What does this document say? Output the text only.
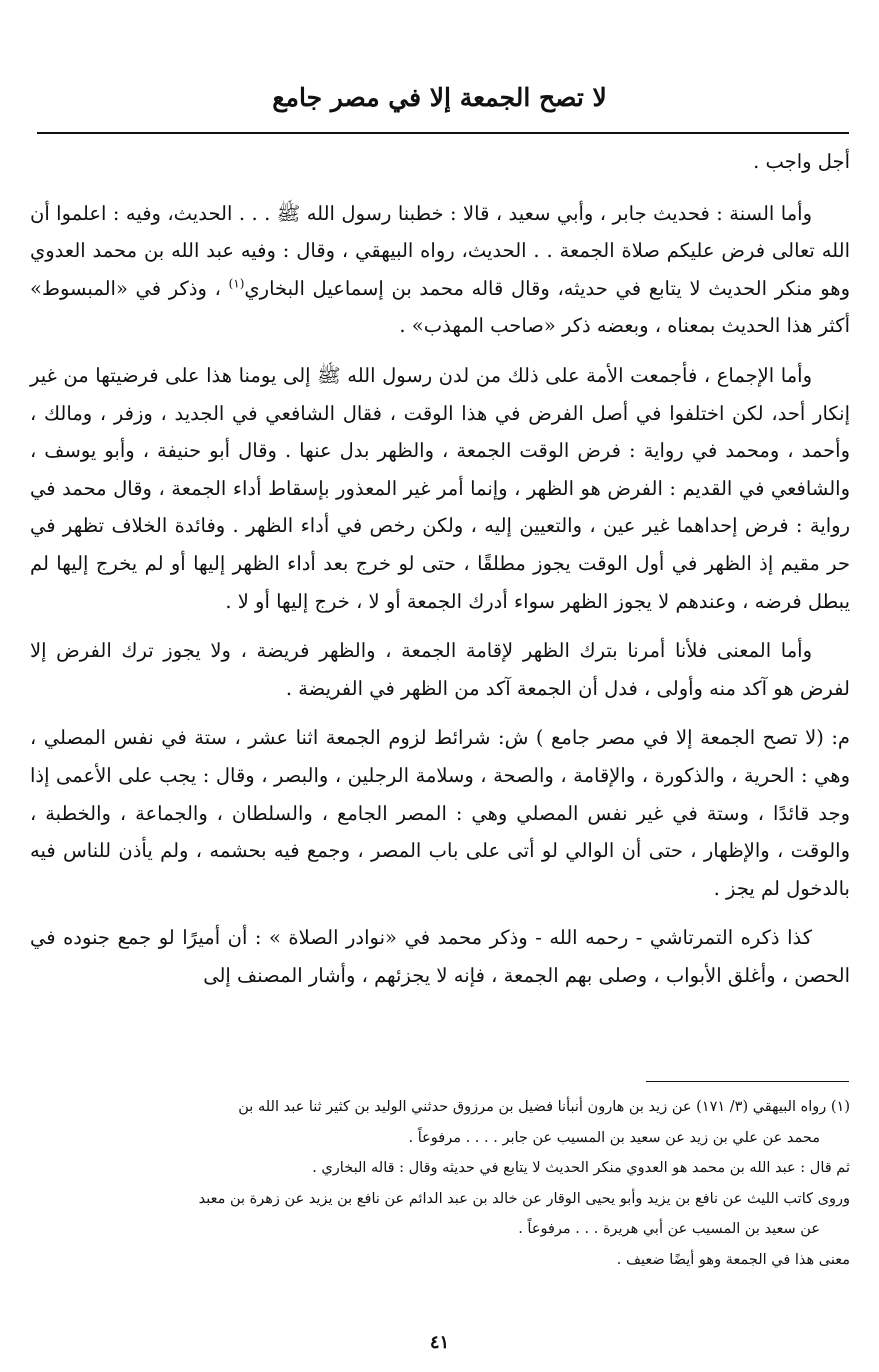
لا تصح الجمعة إلا في مصر جامع

أجل واجب .

وأما السنة : فحديث جابر ، وأبي سعيد ، قالا : خطبنا رسول الله ﷺ . . . الحديث، وفيه : اعلموا أن الله تعالى فرض عليكم صلاة الجمعة . . الحديث، رواه البيهقي ، وقال : وفيه عبد الله بن محمد العدوي وهو منكر الحديث لا يتابع في حديثه، وقال قاله محمد بن إسماعيل البخاري$^{(١)}$ ، وذكر في «المبسوط» أكثر هذا الحديث بمعناه ، وبعضه ذكر «صاحب المهذب» .

وأما الإجماع ، فأجمعت الأمة على ذلك من لدن رسول الله ﷺ إلى يومنا هذا على فرضيتها من غير إنكار أحد، لكن اختلفوا في أصل الفرض في هذا الوقت ، فقال الشافعي في الجديد ، وزفر ، ومالك ، وأحمد ، ومحمد في رواية : فرض الوقت الجمعة ، والظهر بدل عنها . وقال أبو حنيفة ، وأبو يوسف ، والشافعي في القديم : الفرض هو الظهر ، وإنما أمر غير المعذور بإسقاط أداء الجمعة ، وقال محمد في رواية : فرض إحداهما غير عين ، والتعيين إليه ، ولكن رخص في أداء الظهر . وفائدة الخلاف تظهر في حر مقيم إذ الظهر في أول الوقت يجوز مطلقًا ، حتى لو خرج بعد أداء الظهر إليها أو لم يخرج إليها لم يبطل فرضه ، وعندهم لا يجوز الظهر سواء أدرك الجمعة أو لا ، خرج إليها أو لا .

وأما المعنى فلأنا أمرنا بترك الظهر لإقامة الجمعة ، والظهر فريضة ، ولا يجوز ترك الفرض إلا لفرض هو آكد منه وأولى ، فدل أن الجمعة آكد من الظهر في الفريضة .

م: (لا تصح الجمعة إلا في مصر جامع ) ش: شرائط لزوم الجمعة اثنا عشر ، ستة في نفس المصلي ، وهي : الحرية ، والذكورة ، والإقامة ، والصحة ، وسلامة الرجلين ، والبصر ، وقال : يجب على الأعمى إذا وجد قائدًا ، وستة في غير نفس المصلي وهي : المصر الجامع ، والسلطان ، والجماعة ، والخطبة ، والوقت ، والإظهار ، حتى أن الوالي لو أتى على باب المصر ، وجمع فيه بحشمه ، ولم يأذن للناس فيه بالدخول لم يجز .

كذا ذكره التمرتاشي - رحمه الله - وذكر محمد في «نوادر الصلاة » : أن أميرًا لو جمع جنوده في الحصن ، وأغلق الأبواب ، وصلى بهم الجمعة ، فإنه لا يجزئهم ، وأشار المصنف إلى

(١) رواه البيهقي (٣/ ١٧١) عن زيد بن هارون أنبأنا فضيل بن مرزوق حدثني الوليد بن كثير ثنا عبد الله بن

محمد عن علي بن زيد عن سعيد بن المسيب عن جابر . . . . مرفوعاً .

ثم قال : عبد الله بن محمد هو العدوي منكر الحديث لا يتابع في حديثه وقال : قاله البخاري .

وروى كاتب الليث عن نافع بن يزيد وأبو يحيى الوقار عن خالد بن عبد الدائم عن نافع بن يزيد عن زهرة بن معبد

عن سعيد بن المسيب عن أبي هريرة . . . مرفوعاً .

معنى هذا في الجمعة وهو أيضًا ضعيف .

٤١
